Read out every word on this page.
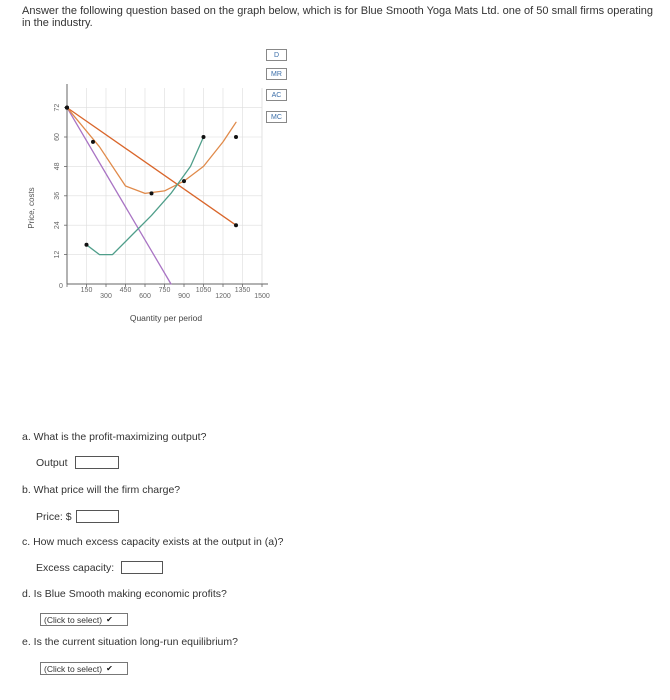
Answer the following question based on the graph below, which is for Blue Smooth Yoga Mats Ltd. one of 50 small firms operating in the industry.
12
24
36
48
60
72
0
150
300
450
600
750
900
1050
1200
1350
1500
Price, costs
Quantity per period
D
MR
AC
MC
a. What is the profit-maximizing output?
Output
b. What price will the firm charge?
Price: $
c. How much excess capacity exists at the output in (a)?
Excess capacity:
d. Is Blue Smooth making economic profits?
(Click to select) ✔
e. Is the current situation long-run equilibrium?
(Click to select) ✔
